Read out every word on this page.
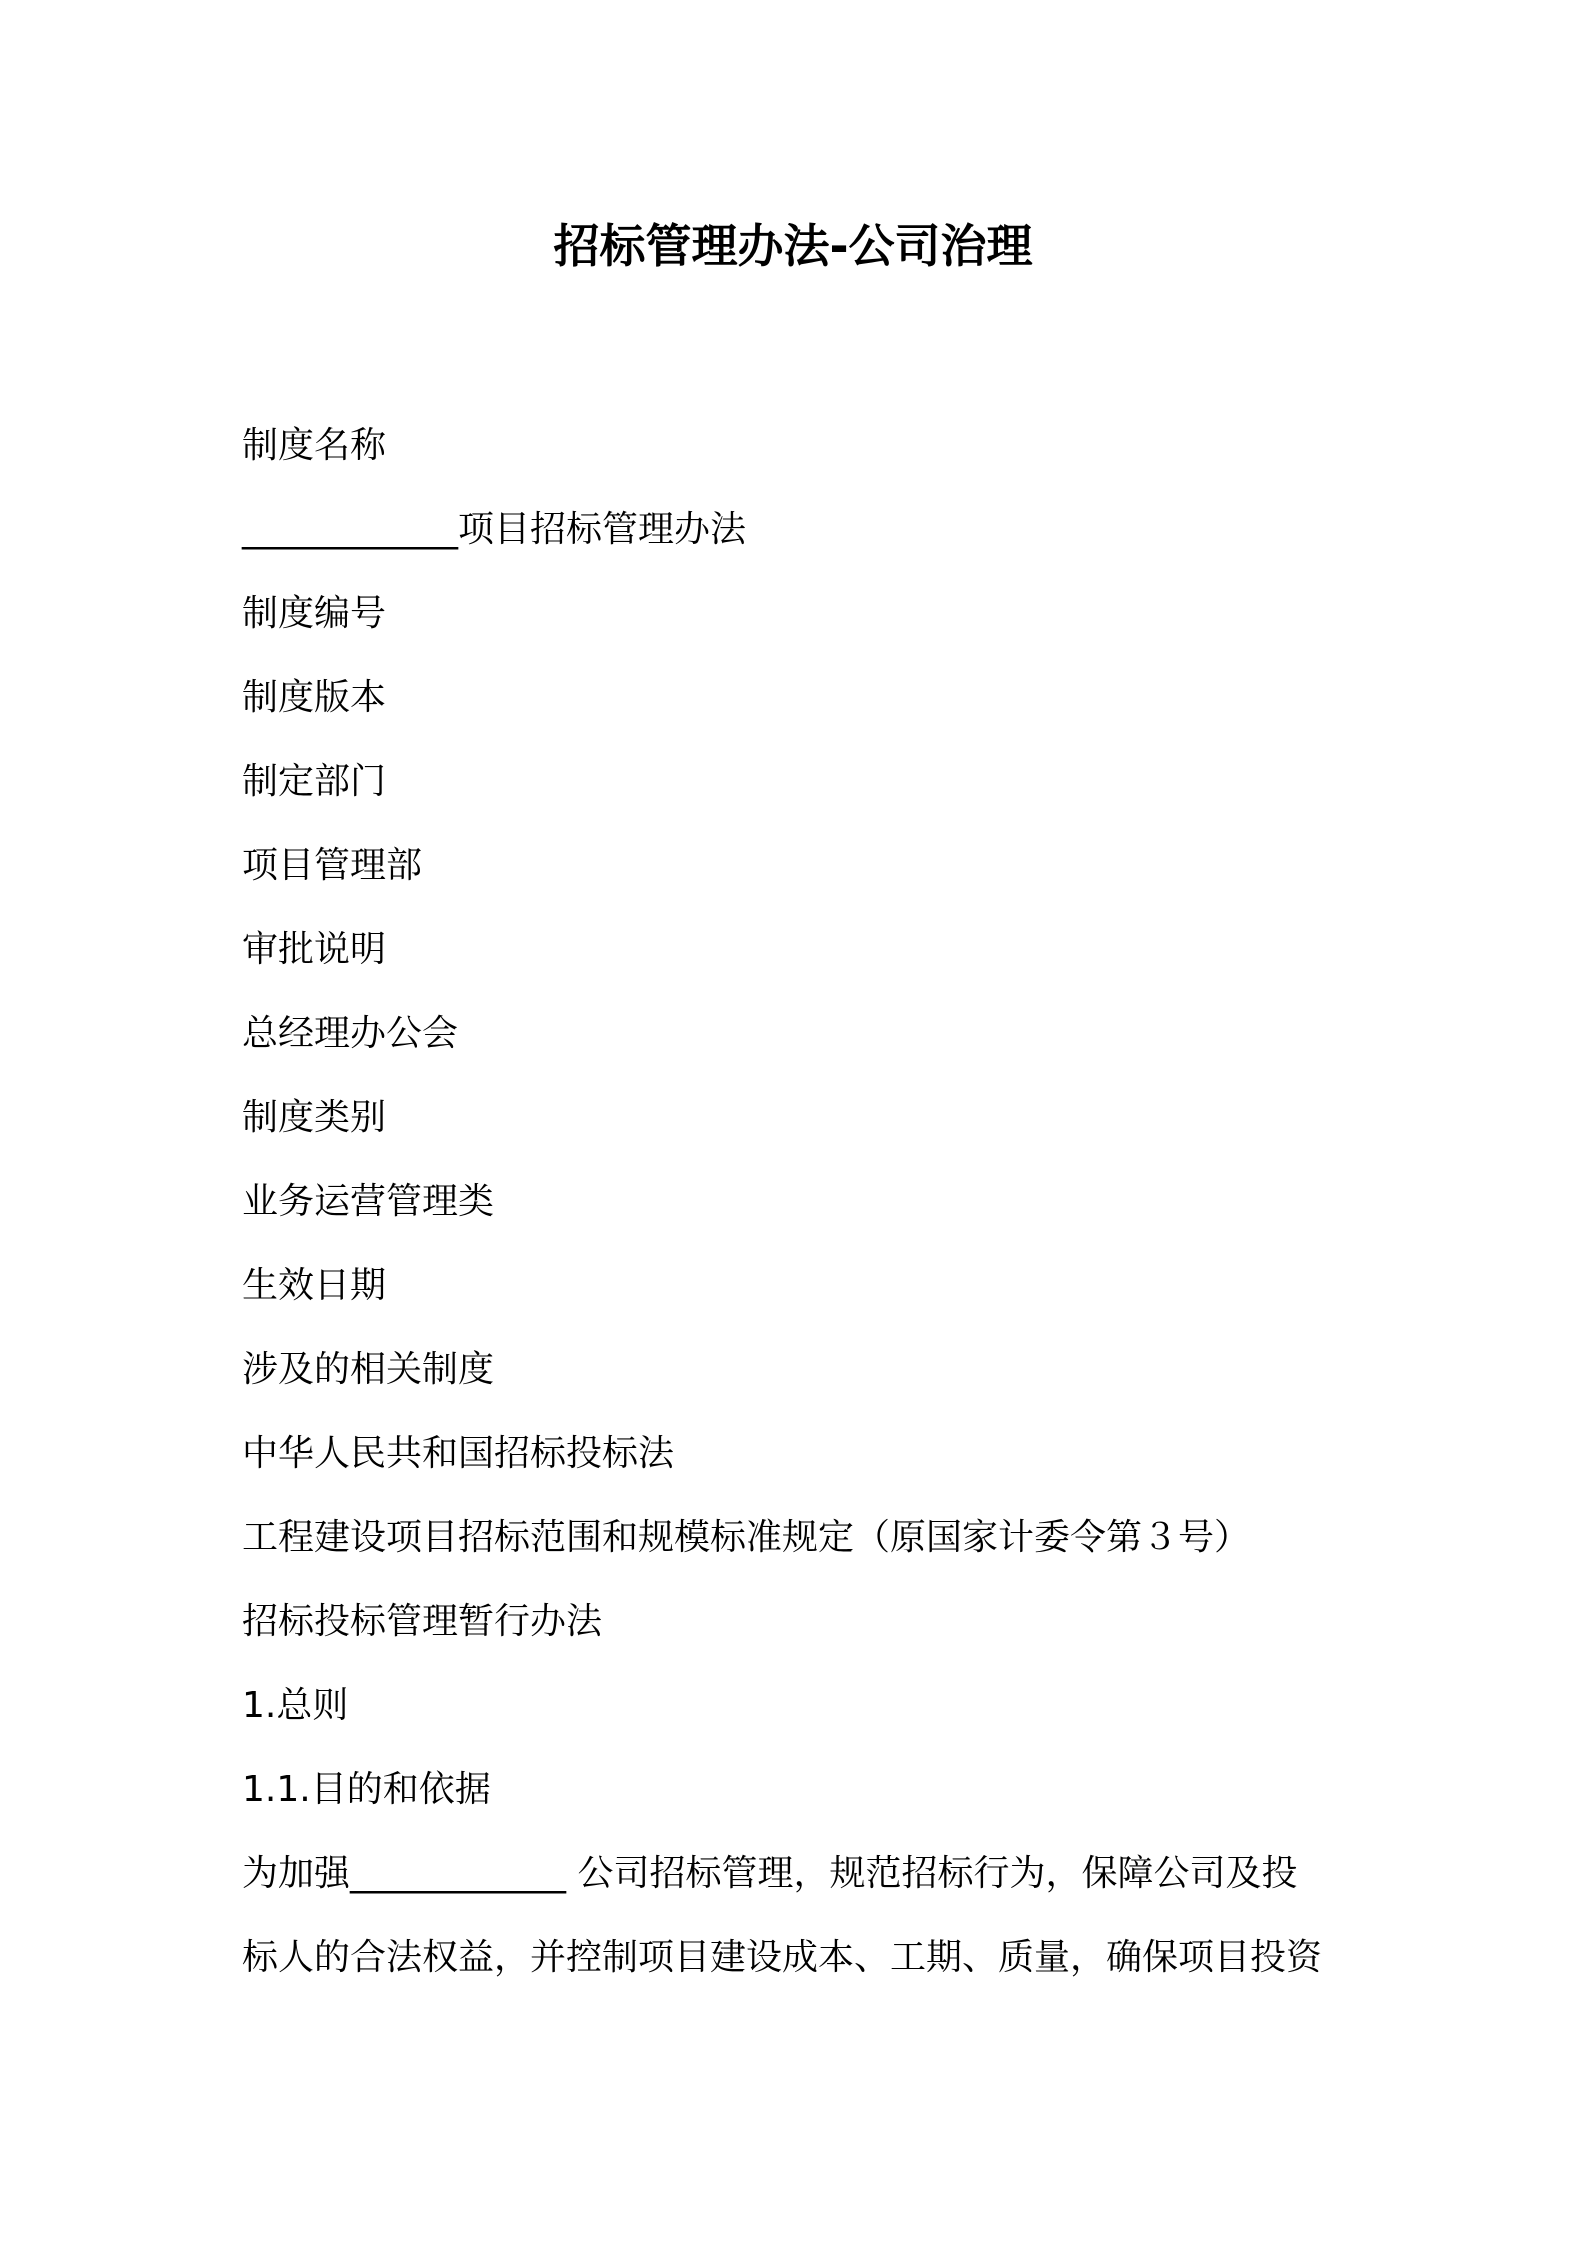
招标管理办法-公司治理

制度名称

____________项目招标管理办法

制度编号

制度版本

制定部门

项目管理部

审批说明

总经理办公会

制度类别

业务运营管理类

生效日期

涉及的相关制度

中华人民共和国招标投标法

工程建设项目招标范围和规模标准规定（原国家计委令第３号）

招标投标管理暂行办法

1.总则

1.1.目的和依据

为加强____________ 公司招标管理，规范招标行为，保障公司及投

标人的合法权益，并控制项目建设成本、工期、质量，确保项目投资
